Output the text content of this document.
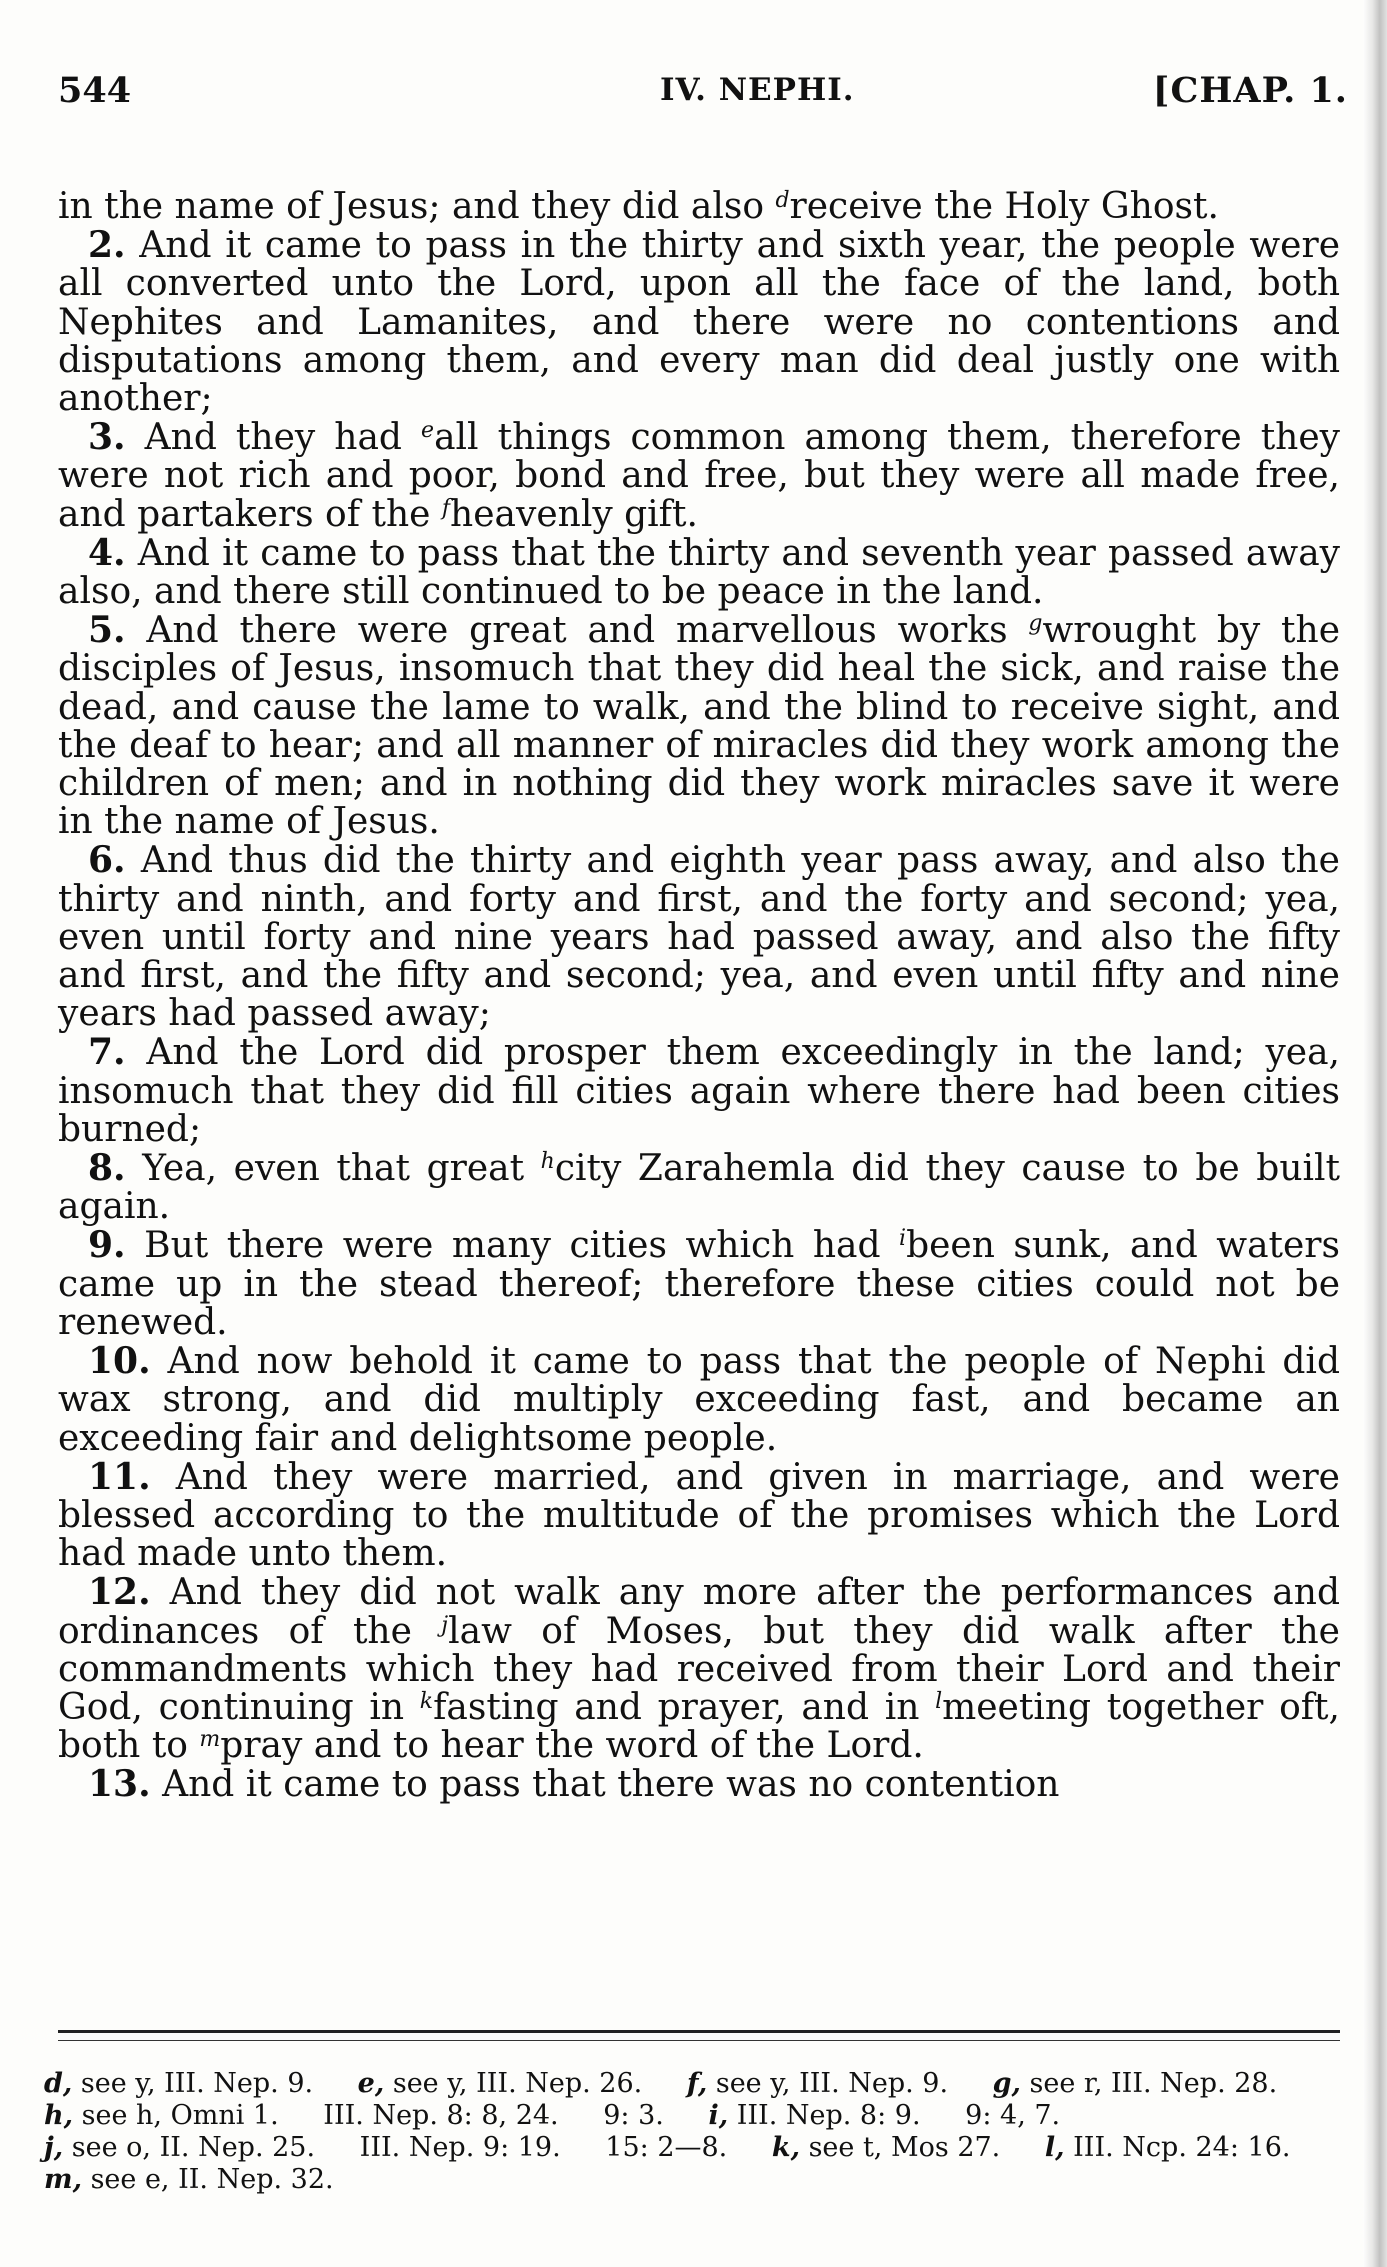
544	IV. NEPHI.	[CHAP. 1.

in the name of Jesus; and they did also $^d$receive the Holy Ghost.

2. And it came to pass in the thirty and sixth year, the people were all converted unto the Lord, upon all the face of the land, both Nephites and Lamanites, and there were no contentions and disputations among them, and every man did deal justly one with another;

3. And they had $^e$all things common among them, therefore they were not rich and poor, bond and free, but they were all made free, and partakers of the $^f$heavenly gift.

4. And it came to pass that the thirty and seventh year passed away also, and there still continued to be peace in the land.

5. And there were great and marvellous works $^g$wrought by the disciples of Jesus, insomuch that they did heal the sick, and raise the dead, and cause the lame to walk, and the blind to receive sight, and the deaf to hear; and all manner of miracles did they work among the children of men; and in nothing did they work miracles save it were in the name of Jesus.

6. And thus did the thirty and eighth year pass away, and also the thirty and ninth, and forty and first, and the forty and second; yea, even until forty and nine years had passed away, and also the fifty and first, and the fifty and second; yea, and even until fifty and nine years had passed away;

7. And the Lord did prosper them exceedingly in the land; yea, insomuch that they did fill cities again where there had been cities burned;

8. Yea, even that great $^h$city Zarahemla did they cause to be built again.

9. But there were many cities which had $^i$been sunk, and waters came up in the stead thereof; therefore these cities could not be renewed.

10. And now behold it came to pass that the people of Nephi did wax strong, and did multiply exceeding fast, and became an exceeding fair and delightsome people.

11. And they were married, and given in marriage, and were blessed according to the multitude of the promises which the Lord had made unto them.

12. And they did not walk any more after the performances and ordinances of the $^j$law of Moses, but they did walk after the commandments which they had received from their Lord and their God, continuing in $^k$fasting and prayer, and in $^l$meeting together oft, both to $^m$pray and to hear the word of the Lord.

13. And it came to pass that there was no contention

d, see y, III. Nep. 9. e, see y, III. Nep. 26. f, see y, III. Nep. 9. g, see r, III. Nep. 28. h, see h, Omni 1. III. Nep. 8: 8, 24. 9: 3. i, III. Nep. 8: 9. 9: 4, 7. j, see o, II. Nep. 25. III. Nep. 9: 19. 15: 2—8. k, see t, Mos 27. l, III. Ncp. 24: 16. m, see e, II. Nep. 32.
